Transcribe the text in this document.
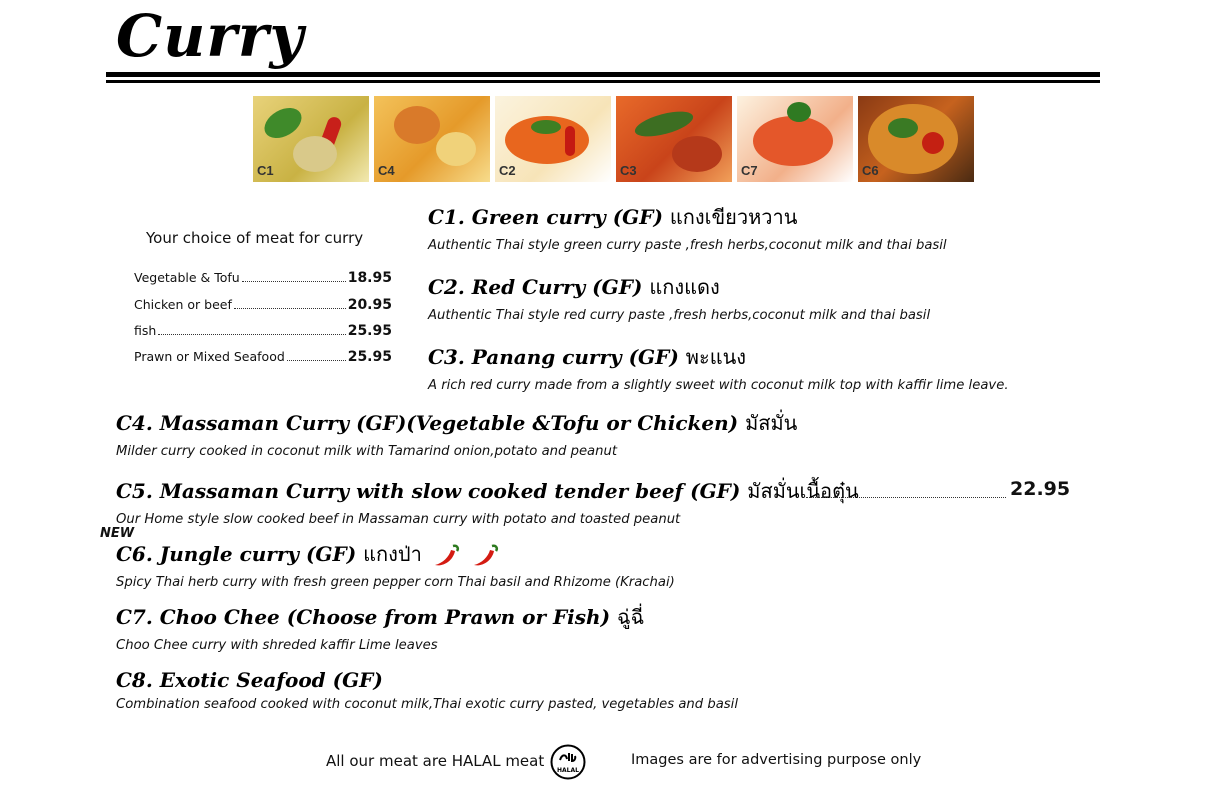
Curry
C1	C4	C2	C3	C7	C6
Your choice of meat for curry
Vegetable & Tofu	18.95
Chicken or beef	20.95
fish	25.95
Prawn or Mixed Seafood	25.95
C1. Green curry (GF) แกงเขียวหวาน
Authentic Thai style green curry paste ,fresh herbs,coconut milk and thai basil
C2. Red Curry (GF) แกงแดง
Authentic Thai style red curry paste ,fresh herbs,coconut milk and thai basil
C3. Panang curry (GF) พะแนง
A rich red curry made from a slightly sweet with coconut milk top with kaffir lime leave.
C4. Massaman Curry (GF)(Vegetable &Tofu or Chicken) มัสมั่น
Milder curry cooked in coconut milk with Tamarind onion,potato and peanut
C5. Massaman Curry with slow cooked tender beef (GF) มัสมั่นเนื้อตุ๋น
Our Home style slow cooked beef in Massaman curry with potato and toasted peanut
22.95
NEW
C6. Jungle curry (GF) แกงป่า
Spicy Thai herb curry with fresh green pepper corn Thai basil and Rhizome (Krachai)
C7. Choo Chee (Choose from Prawn or Fish) ฉู่ฉี่
Choo Chee curry with shreded kaffir Lime leaves
C8. Exotic Seafood (GF)
Combination seafood cooked with coconut milk,Thai exotic curry pasted, vegetables and basil
All our meat are HALAL meat
HALAL
Images are for advertising purpose only
